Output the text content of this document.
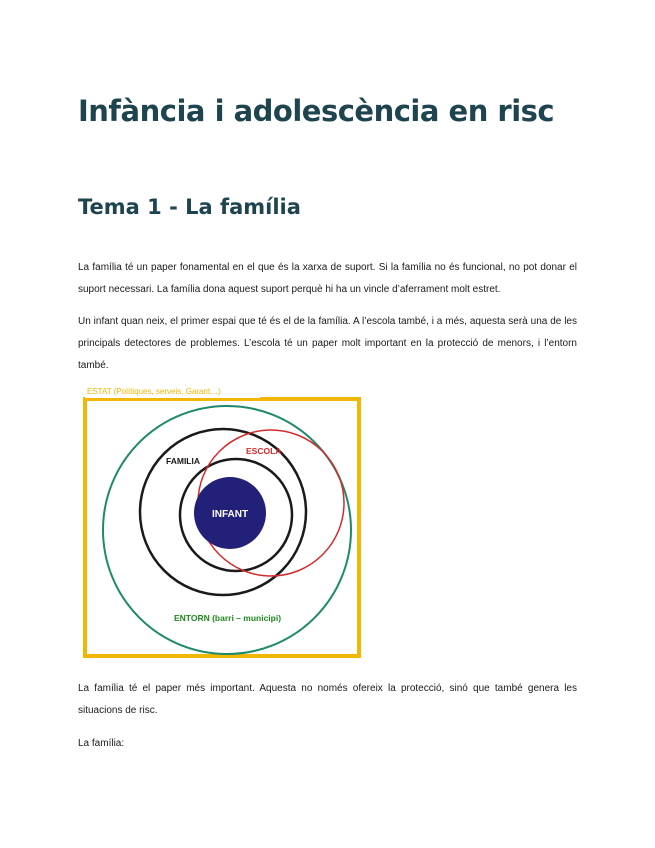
Infància i adolescència en risc
Tema 1 - La família

La família té un paper fonamental en el que és la xarxa de suport. Si la família no és funcional, no pot donar el suport necessari. La família dona aquest suport perquè hi ha un vincle d’aferrament molt estret.

Un infant quan neix, el primer espai que té és el de la família. A l’escola també, i a més, aquesta serà una de les principals detectores de problemes. L’escola té un paper molt important en la protecció de menors, i l’entorn també.

ESTAT (Polítiques, serveis, Garant…)
INFANT
FAMILIA
ESCOLA
ENTORN (barri – municipi)

La família té el paper més important. Aquesta no només ofereix la protecció, sinó que també genera les situacions de risc.

La família:
